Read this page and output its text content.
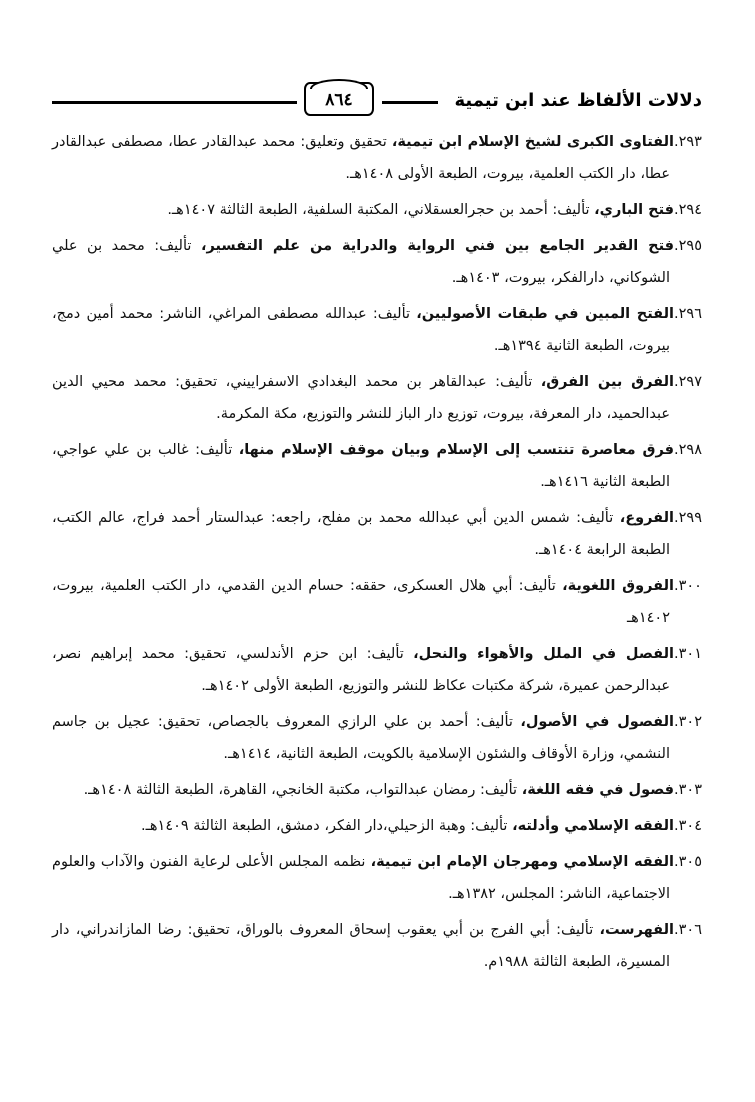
٨٦٤	دلالات الألفاظ عند ابن تيمية

٢٩٣.الفتاوى الكبرى لشيخ الإسلام ابن تيمية، تحقيق وتعليق: محمد عبدالقادر عطا، مصطفى عبدالقادر عطا، دار الكتب العلمية، بيروت، الطبعة الأولى ١٤٠٨هـ.

٢٩٤.فتح الباري، تأليف: أحمد بن حجرالعسقلاني، المكتبة السلفية، الطبعة الثالثة ١٤٠٧هـ.

٢٩٥.فتح القدير الجامع بين فني الرواية والدراية من علم التفسير، تأليف: محمد بن علي الشوكاني، دارالفكر، بيروت، ١٤٠٣هـ.

٢٩٦.الفتح المبين في طبقات الأصوليين، تأليف: عبدالله مصطفى المراغي، الناشر: محمد أمين دمج، بيروت، الطبعة الثانية ١٣٩٤هـ.

٢٩٧.الفرق بين الفرق، تأليف: عبدالقاهر بن محمد البغدادي الاسفراييني، تحقيق: محمد محيي الدين عبدالحميد، دار المعرفة، بيروت، توزيع دار الباز للنشر والتوزيع، مكة المكرمة.

٢٩٨.فرق معاصرة تنتسب إلى الإسلام وبيان موقف الإسلام منها، تأليف: غالب بن علي عواجي، الطبعة الثانية ١٤١٦هـ.

٢٩٩.الفروع، تأليف: شمس الدين أبي عبدالله محمد بن مفلح، راجعه: عبدالستار أحمد فراج، عالم الكتب، الطبعة الرابعة ١٤٠٤هـ.

٣٠٠.الفروق اللغوية، تأليف: أبي هلال العسكرى، حققه: حسام الدين القدمي، دار الكتب العلمية، بيروت، ١٤٠٢هـ

٣٠١.الفصل في الملل والأهواء والنحل، تأليف: ابن حزم الأندلسي، تحقيق: محمد إبراهيم نصر، عبدالرحمن عميرة، شركة مكتبات عكاظ للنشر والتوزيع، الطبعة الأولى ١٤٠٢هـ.

٣٠٢.الفصول في الأصول، تأليف: أحمد بن علي الرازي المعروف بالجصاص، تحقيق: عجيل بن جاسم النشمي، وزارة الأوقاف والشئون الإسلامية بالكويت، الطبعة الثانية، ١٤١٤هـ.

٣٠٣.فصول في فقه اللغة، تأليف: رمضان عبدالتواب، مكتبة الخانجي، القاهرة، الطبعة الثالثة ١٤٠٨هـ.

٣٠٤.الفقه الإسلامي وأدلته، تأليف: وهبة الزحيلي،دار الفكر، دمشق، الطبعة الثالثة ١٤٠٩هـ.

٣٠٥.الفقه الإسلامي ومهرجان الإمام ابن تيمية، نظمه المجلس الأعلى لرعاية الفنون والآداب والعلوم الاجتماعية، الناشر: المجلس، ١٣٨٢هـ.

٣٠٦.الفهرست، تأليف: أبي الفرج بن أبي يعقوب إسحاق المعروف بالوراق، تحقيق: رضا المازاندراني، دار المسيرة، الطبعة الثالثة ١٩٨٨م.
